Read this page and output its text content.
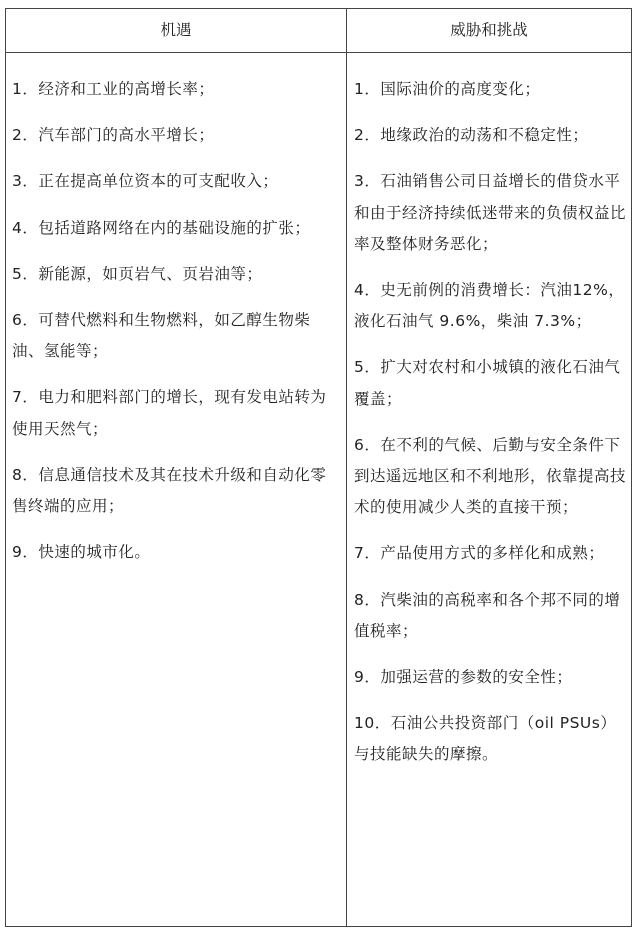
机遇	威胁和挑战
1．经济和工业的高增长率；
2．汽车部门的高水平增长；
3．正在提高单位资本的可支配收入；
4．包括道路网络在内的基础设施的扩张；
5．新能源，如页岩气、页岩油等；
6．可替代燃料和生物燃料，如乙醇生物柴油、氢能等；
7．电力和肥料部门的增长，现有发电站转为使用天然气；
8．信息通信技术及其在技术升级和自动化零售终端的应用；
9．快速的城市化。
1．国际油价的高度变化；
2．地缘政治的动荡和不稳定性；
3．石油销售公司日益增长的借贷水平和由于经济持续低迷带来的负债权益比率及整体财务恶化；
4．史无前例的消费增长：汽油12%，液化石油气 9.6%，柴油 7.3%；
5．扩大对农村和小城镇的液化石油气覆盖；
6．在不利的气候、后勤与安全条件下到达遥远地区和不利地形，依靠提高技术的使用减少人类的直接干预；
7．产品使用方式的多样化和成熟；
8．汽柴油的高税率和各个邦不同的增值税率；
9．加强运营的参数的安全性；
10．石油公共投资部门（oil PSUs）与技能缺失的摩擦。
